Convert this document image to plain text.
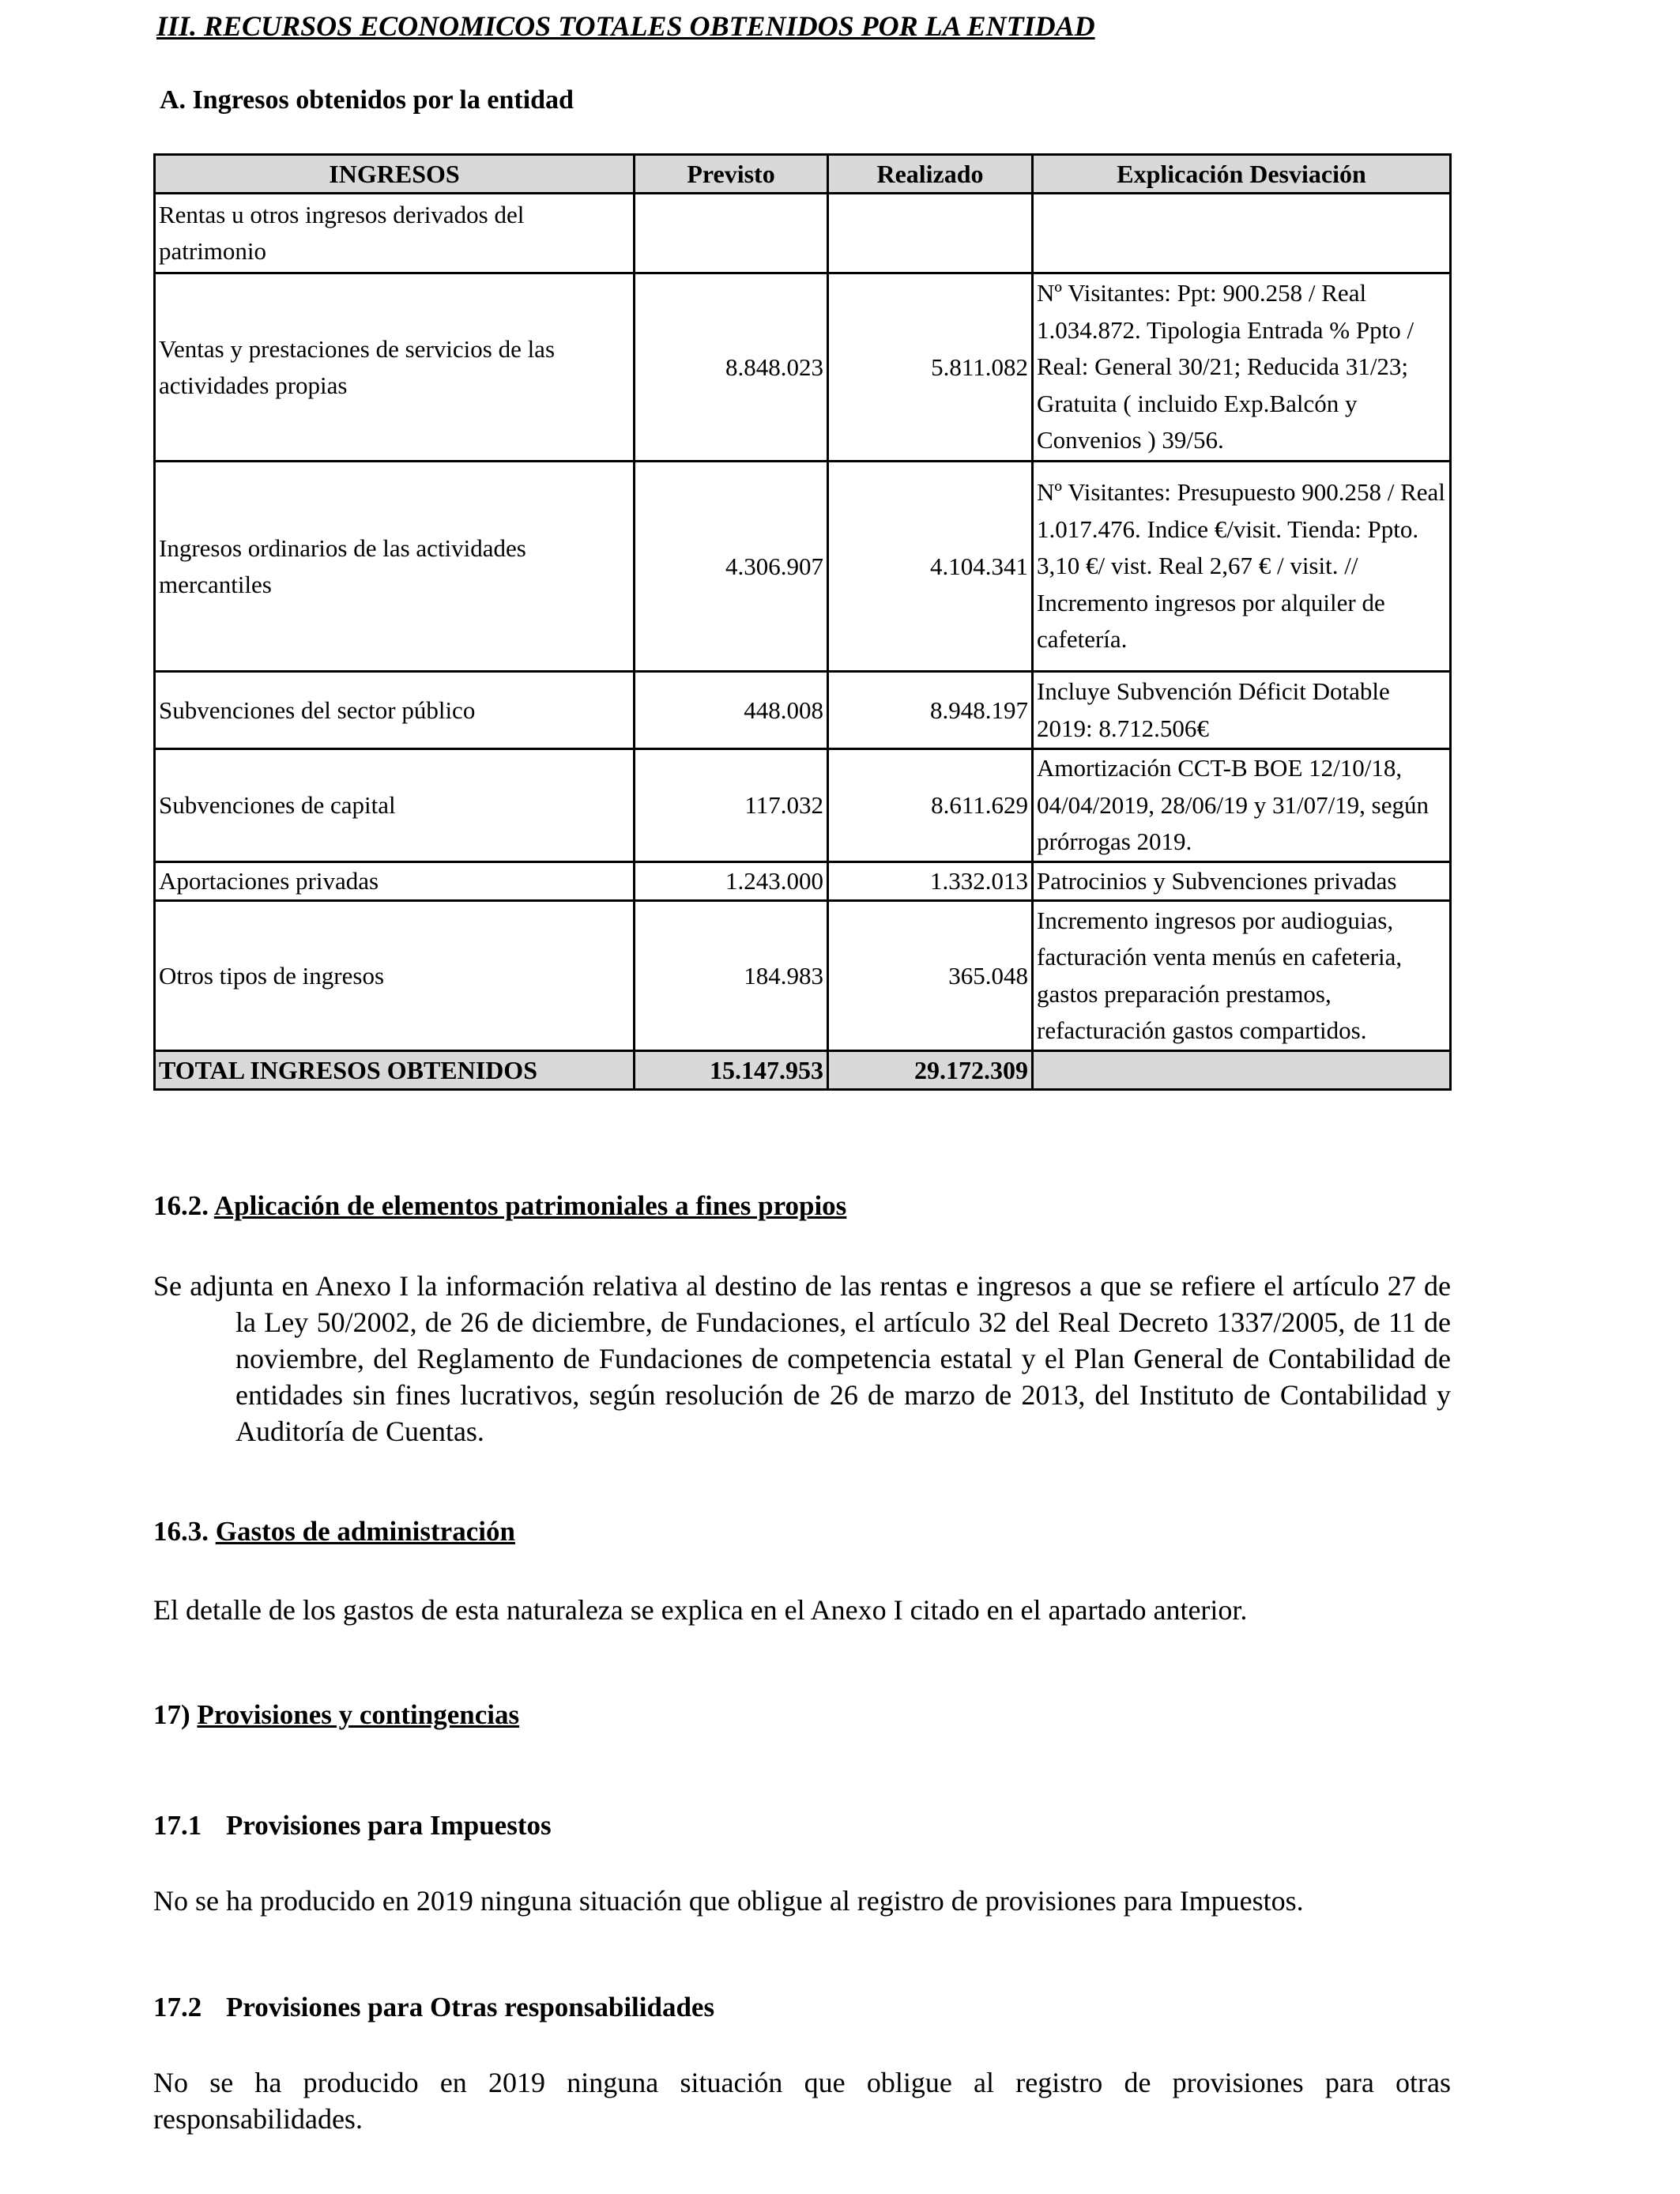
III. RECURSOS ECONOMICOS TOTALES OBTENIDOS POR LA ENTIDAD
A. Ingresos obtenidos por la entidad
INGRESOS	Previsto	Realizado	Explicación Desviación
Rentas u otros ingresos derivados del patrimonio			
Ventas y prestaciones de servicios de las actividades propias	8.848.023	5.811.082	Nº Visitantes: Ppt: 900.258 / Real 1.034.872. Tipologia Entrada % Ppto / Real: General 30/21; Reducida 31/23; Gratuita ( incluido Exp.Balcón y Convenios ) 39/56.
Ingresos ordinarios de las actividades mercantiles	4.306.907	4.104.341	Nº Visitantes: Presupuesto 900.258 / Real 1.017.476. Indice €/visit. Tienda: Ppto. 3,10 €/ vist. Real 2,67 € / visit. // Incremento ingresos por alquiler de cafetería.
Subvenciones del sector público	448.008	8.948.197	Incluye Subvención Déficit Dotable 2019: 8.712.506€
Subvenciones de capital	117.032	8.611.629	Amortización CCT-B BOE 12/10/18, 04/04/2019, 28/06/19 y 31/07/19, según prórrogas 2019.
Aportaciones privadas	1.243.000	1.332.013	Patrocinios y Subvenciones privadas
Otros tipos de ingresos	184.983	365.048	Incremento ingresos por audioguias, facturación venta menús en cafeteria, gastos preparación prestamos, refacturación gastos compartidos.
TOTAL INGRESOS OBTENIDOS	15.147.953	29.172.309	
16.2. Aplicación de elementos patrimoniales a fines propios
Se adjunta en Anexo I la información relativa al destino de las rentas e ingresos a que se refiere el artículo 27 de la Ley 50/2002, de 26 de diciembre, de Fundaciones, el artículo 32 del Real Decreto 1337/2005, de 11 de noviembre, del Reglamento de Fundaciones de competencia estatal y el Plan General de Contabilidad de entidades sin fines lucrativos, según resolución de 26 de marzo de 2013, del Instituto de Contabilidad y Auditoría de Cuentas.
16.3. Gastos de administración
El detalle de los gastos de esta naturaleza se explica en el Anexo I citado en el apartado anterior.
17) Provisiones y contingencias
17.1 Provisiones para Impuestos
No se ha producido en 2019 ninguna situación que obligue al registro de provisiones para Impuestos.
17.2 Provisiones para Otras responsabilidades
No se ha producido en 2019 ninguna situación que obligue al registro de provisiones para otras responsabilidades.
